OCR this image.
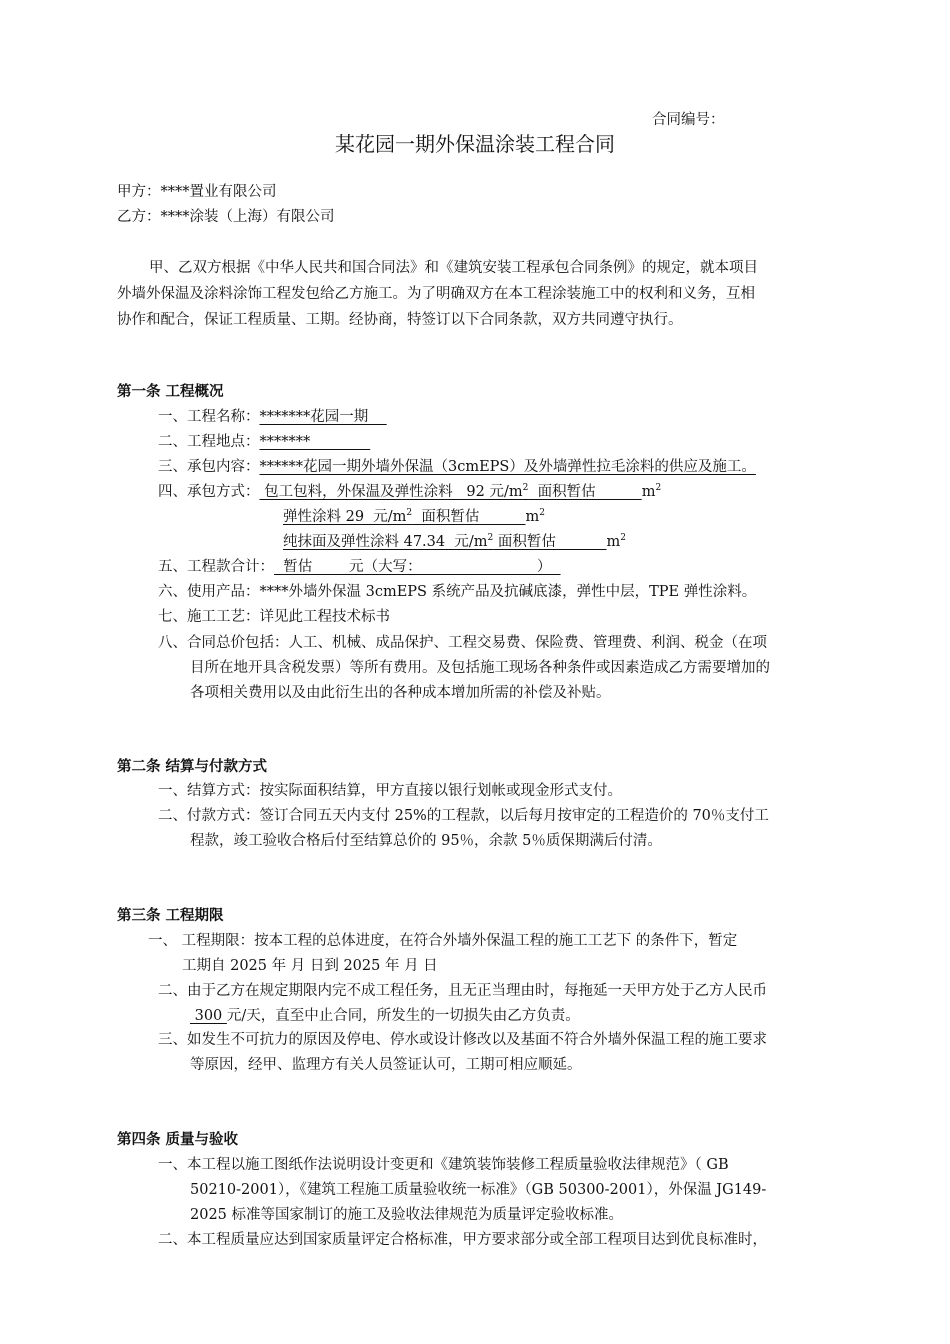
合同编号：
某花园一期外保温涂装工程合同
甲方：****置业有限公司
乙方：****涂装（上海）有限公司
甲、乙双方根据《中华人民共和国合同法》和《建筑安装工程承包合同条例》的规定，就本项目
外墙外保温及涂料涂饰工程发包给乙方施工。为了明确双方在本工程涂装施工中的权利和义务，互相
协作和配合，保证工程质量、工期。经协商，特签订以下合同条款，双方共同遵守执行。
第一条 工程概况
一、工程名称：*******花园一期
二、工程地点：*******
三、承包内容：******花园一期外墙外保温（3cmEPS）及外墙弹性拉毛涂料的供应及施工。
四、承包方式： 包工包料，外保温及弹性涂料   92 元$/m^2$  面积暂估          $m^2$
弹性涂料 29  元$/m^2$  面积暂估          $m^2$
纯抹面及弹性涂料 47.34  元$/m^2$ 面积暂估           $m^2$
五、工程款合计：  暂估        元（大写：                         ）
六、使用产品：****外墙外保温 3cmEPS 系统产品及抗碱底漆，弹性中层，TPE 弹性涂料。
七、施工工艺：详见此工程技术标书
八、合同总价包括：人工、机械、成品保护、工程交易费、保险费、管理费、利润、税金（在项
目所在地开具含税发票）等所有费用。及包括施工现场各种条件或因素造成乙方需要增加的
各项相关费用以及由此衍生出的各种成本增加所需的补偿及补贴。
第二条 结算与付款方式
一、结算方式：按实际面积结算，甲方直接以银行划帐或现金形式支付。
二、付款方式：签订合同五天内支付 25%的工程款，以后每月按审定的工程造价的 70％支付工
程款，竣工验收合格后付至结算总价的 95％，余款 5％质保期满后付清。
第三条 工程期限
一、 工程期限：按本工程的总体进度，在符合外墙外保温工程的施工工艺下 的条件下，暂定
工期自 2025 年 月 日到 2025 年 月 日
二、由于乙方在规定期限内完不成工程任务，且无正当理由时，每拖延一天甲方处于乙方人民币
300 元/天，直至中止合同，所发生的一切损失由乙方负责。
三、如发生不可抗力的原因及停电、停水或设计修改以及基面不符合外墙外保温工程的施工要求
等原因，经甲、监理方有关人员签证认可，工期可相应顺延。
第四条 质量与验收
一、本工程以施工图纸作法说明设计变更和《建筑装饰装修工程质量验收法律规范》（ GB
50210-2001），《建筑工程施工质量验收统一标准》（GB 50300-2001），外保温 JG149-
2025 标准等国家制订的施工及验收法律规范为质量评定验收标准。
二、本工程质量应达到国家质量评定合格标准，甲方要求部分或全部工程项目达到优良标准时，
